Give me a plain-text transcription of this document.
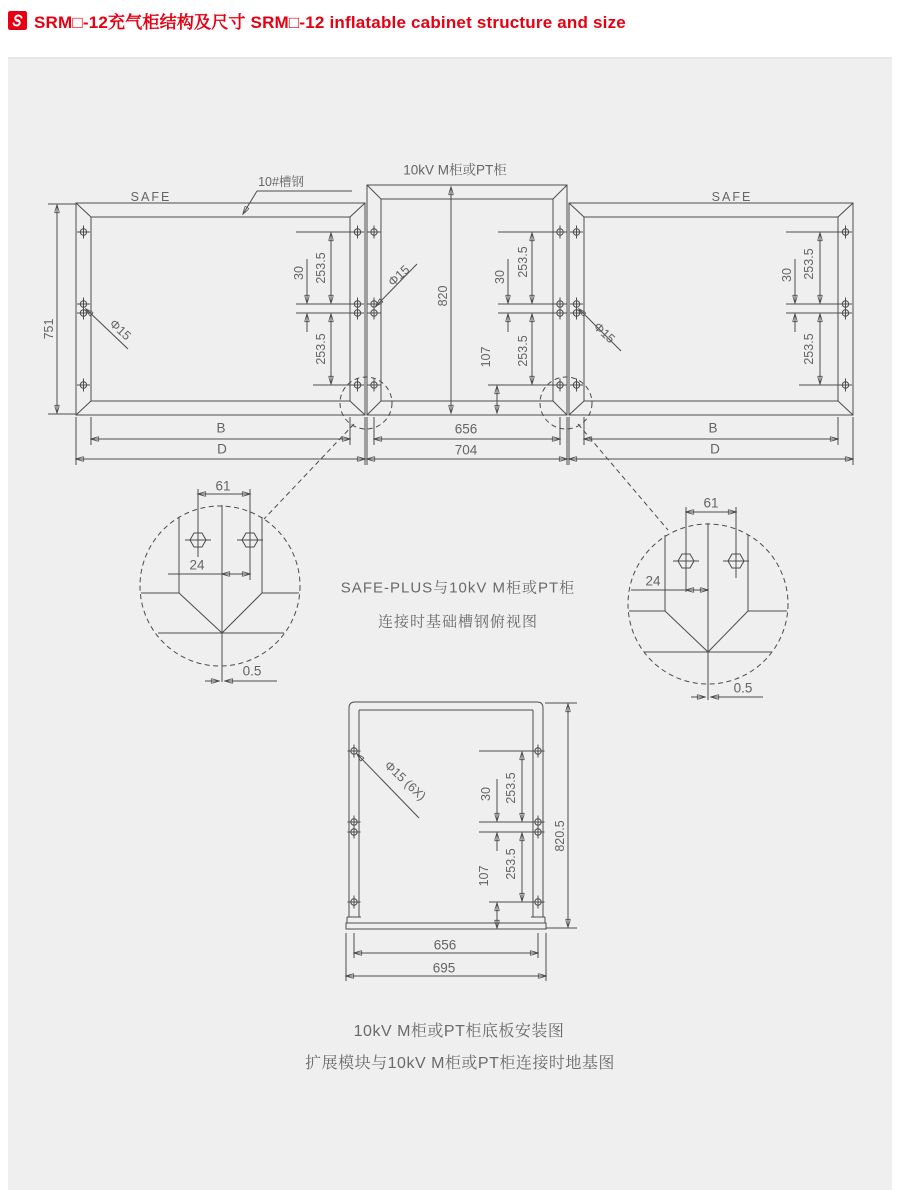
SRM□-12充气柜结构及尺寸 SRM□-12 inflatable cabinet structure and size
SAFE	SAFE
10kV M柜或PT柜
10#槽钢
751
820
30 253.5
253.5
Φ15
Φ15	30 253.5
253.5
107
30 253.5
253.5
Φ15
B
D
656
704
B
D
61
24
0.5
61
24
0.5
SAFE-PLUS与10kV M柜或PT柜
连接时基础槽钢俯视图
Φ15 (6X)	30 253.5
253.5
107
820.5
656
695
10kV M柜或PT柜底板安装图
扩展模块与10kV M柜或PT柜连接时地基图
